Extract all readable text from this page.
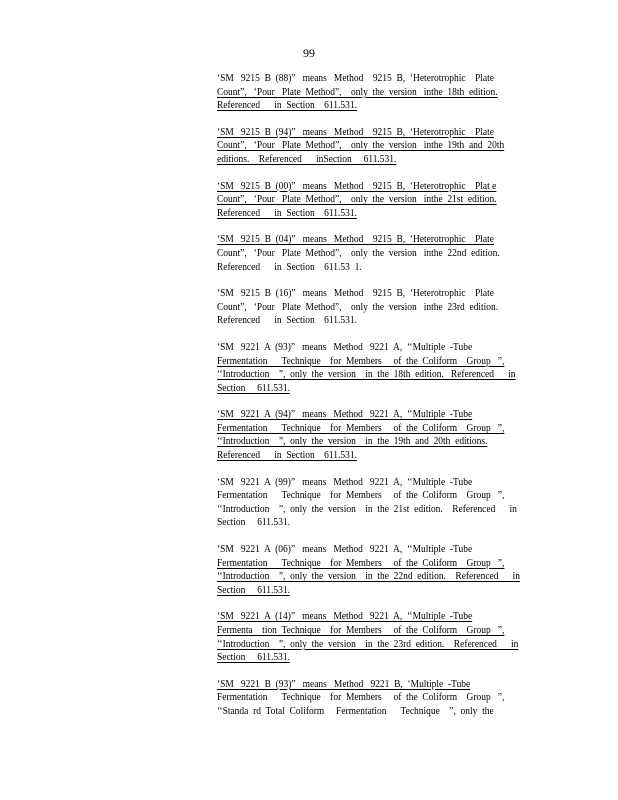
99
‘SM   9215  B  (88)”   means   Method    9215  B,  ‘Heterotrophic    Plate
Count”,   ‘Pour   Plate  Method”,    only  the  version   inthe  18th  edition.
Referenced      in  Section    611.531.
‘SM   9215  B  (94)”   means   Method    9215  B,  ‘Heterotrophic    Plate
Count”,   ‘Pour   Plate  Method”,    only  the  version   inthe  19th  and  20th
editions.    Referenced      inSection     611.531.
‘SM   9215  B  (00)”   means   Method    9215  B,  ‘Heterotrophic    Plat e
Count”,   ‘Pour   Plate  Method”,    only  the  version   inthe  21st  edition.
Referenced      in  Section    611.531.
‘SM   9215  B  (04)”   means   Method    9215  B,  ‘Heterotrophic    Plate
Count”,   ‘Pour   Plate  Method”,    only  the  version   inthe  22nd  edition.
Referenced      in  Section    611.53  1.
‘SM   9215  B  (16)”   means   Method    9215  B,  ‘Heterotrophic    Plate
Count”,   ‘Pour   Plate  Method”,    only  the  version   inthe  23rd  edition.
Referenced      in  Section    611.531.
‘SM   9221  A  (93)”   means   Method   9221  A,  ‘‘Multiple  -Tube
Fermentation      Technique    for  Members     of  the  Coliform    Group   ”,
‘‘Introduction    ”,  only  the  version    in  the  18th  edition.   Referenced      in
Section     611.531.
‘SM   9221  A  (94)”   means   Method   9221  A,  ‘‘Multiple  -Tube
Fermentation      Technique    for  Members     of  the  Coliform    Group   ”,
‘‘Introduction    ”,  only  the  version    in  the  19th  and  20th  editions.
Referenced      in  Section    611.531.
‘SM   9221  A  (99)”   means   Method   9221  A,  ‘‘Multiple  -Tube
Fermentation      Technique    for  Members     of  the  Coliform    Group   ”,
‘‘Introduction    ”,  only  the  version    in  the  21st  edition.    Referenced      in
Section     611.531.
‘SM   9221  A  (06)”   means   Method   9221  A,  ‘‘Multiple  -Tube
Fermentation      Technique    for  Members     of  the  Coliform    Group   ”,
‘‘Introduction    ”,  only  the  version    in  the  22nd  edition.    Referenced      in
Section     611.531.
‘SM   9221  A  (14)”   means   Method   9221  A,  ‘‘Multiple  -Tube
Fermenta    tion  Technique    for  Members     of  the  Coliform    Group   ”,
‘‘Introduction    ”,  only  the  version    in  the  23rd  edition.    Referenced      in
Section     611.531.
‘SM   9221  B  (93)”   means   Method   9221  B,  ‘Multiple  -Tube
Fermentation      Technique    for  Members     of  the  Coliform    Group   ”,
‘‘Standa  rd  Total  Coliform     Fermentation      Technique    ”,  only  the
